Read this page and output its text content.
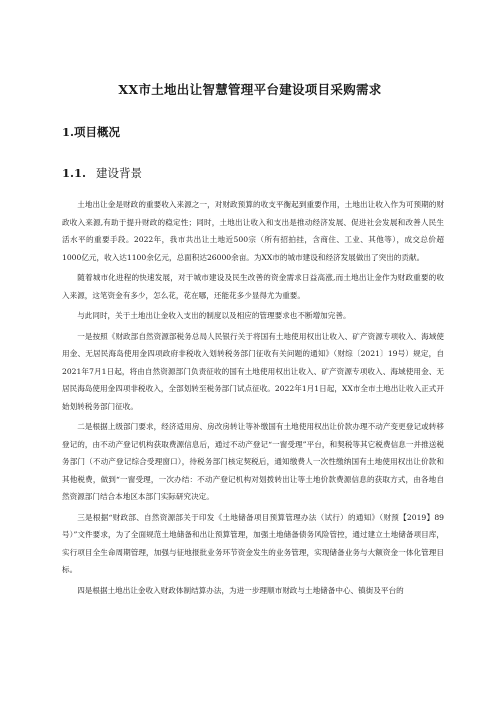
XX市土地出让智慧管理平台建设项目采购需求
1.项目概况
1.1. 建设背景

土地出让金是财政的重要收入来源之一，对财政预算的收支平衡起到重要作用，土地出让收入作为可预期的财政收入来源,有助于提升财政的稳定性；同时，土地出让收入和支出是推动经济发展、促进社会发展和改善人民生活水平的重要手段。2022年，我市共出让土地近500宗（所有招拍挂，含商住、工业、其他等），成交总价超1000亿元，收入达1100余亿元，总面积达26000余亩。为XX市的城市建设和经济发展做出了突出的贡献。

随着城市化进程的快速发展，对于城市建设及民生改善的资金需求日益高涨,而土地出让金作为财政重要的收入来源，这笔资金有多少，怎么花，花在哪，还能花多少显得尤为重要。

与此同时，关于土地出让金收入支出的制度以及相应的管理要求也不断增加完善。

一是按照《财政部自然资源部税务总局人民银行关于将国有土地使用权出让收入、矿产资源专项收入、海域使用金、无居民海岛使用金四项政府非税收入划转税务部门征收有关问题的通知》（财综〔2021〕19号）规定，自2021年7月1日起，将由自然资源部门负责征收的国有土地使用权出让收入、矿产资源专项收入、海域使用金、无居民海岛使用金四项非税收入，全部划转至税务部门试点征收。2022年1月1日起，XX市全市土地出让收入正式开始划转税务部门征收。

二是根据上级部门要求，经济适用房、房改房转让等补缴国有土地使用权出让价款办理不动产变更登记或转移登记的，由不动产登记机构获取费源信息后，通过不动产登记“一窗受理”平台，和契税等其它税费信息一并推送税务部门（不动产登记综合受理窗口），待税务部门核定契税后，通知缴费人一次性缴纳国有土地使用权出让价款和其他税费，做到“一窗受理，一次办结：不动产登记机构对划拨转出让等土地价款费源信息的获取方式，由各地自然资源部门结合本地区本部门实际研究决定。

三是根据“财政部、自然资源部关于印发《土地储备项目预算管理办法（试行）的通知》（财预【2019】89号）”文件要求，为了全面规范土地储备和出让预算管理，加强土地储备债务风险管控，通过建立土地储备项目库，实行项目全生命周期管理，加强与征地报批业务环节资金发生的业务管理，实现储备业务与大额资金一体化管理目标。

四是根据土地出让金收入财政体制结算办法，为进一步理顺市财政与土地储备中心、镇街及平台的
